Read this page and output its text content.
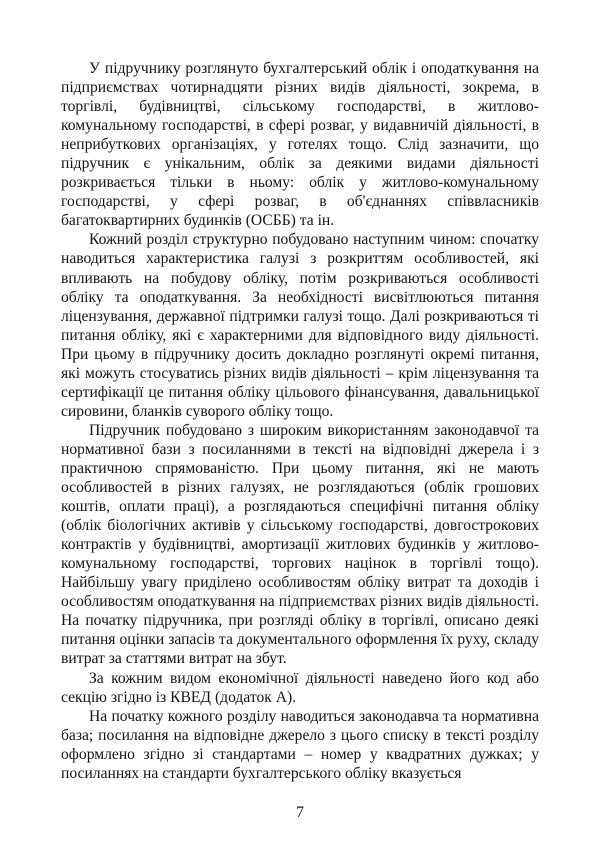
У підручнику розглянуто бухгалтерський облік і оподаткування на підприємствах чотирнадцяти різних видів діяльності, зокрема, в торгівлі, будівництві, сільському господарстві, в житлово-комунальному господарстві, в сфері розваг, у видавничій діяльності, в неприбуткових організаціях, у готелях тощо. Слід зазначити, що підручник є унікальним, облік за деякими видами діяльності розкривається тільки в ньому: облік у житлово-комунальному господарстві, у сфері розваг, в об'єднаннях співвласників багатоквартирних будинків (ОСББ) та ін.

Кожний розділ структурно побудовано наступним чином: спочатку наводиться характеристика галузі з розкриттям особливостей, які впливають на побудову обліку, потім розкриваються особливості обліку та оподаткування. За необхідності висвітлюються питання ліцензування, державної підтримки галузі тощо. Далі розкриваються ті питання обліку, які є характерними для відповідного виду діяльності. При цьому в підручнику досить докладно розглянуті окремі питання, які можуть стосуватись різних видів діяльності – крім ліцензування та сертифікації це питання обліку цільового фінансування, давальницької сировини, бланків суворого обліку тощо.

Підручник побудовано з широким використанням законодавчої та нормативної бази з посиланнями в тексті на відповідні джерела і з практичною спрямованістю. При цьому питання, які не мають особливостей в різних галузях, не розглядаються (облік грошових коштів, оплати праці), а розглядаються специфічні питання обліку (облік біологічних активів у сільському господарстві, довгострокових контрактів у будівництві, амортизації житлових будинків у житлово-комунальному господарстві, торгових націнок в торгівлі тощо). Найбільшу увагу приділено особливостям обліку витрат та доходів і особливостям оподаткування на підприємствах різних видів діяльності. На початку підручника, при розгляді обліку в торгівлі, описано деякі питання оцінки запасів та документального оформлення їх руху, складу витрат за статтями витрат на збут.

За кожним видом економічної діяльності наведено його код або секцію згідно із КВЕД (додаток А).

На початку кожного розділу наводиться законодавча та нормативна база; посилання на відповідне джерело з цього списку в тексті розділу оформлено згідно зі стандартами – номер у квадратних дужках; у посиланнях на стандарти бухгалтерського обліку вказується

7
